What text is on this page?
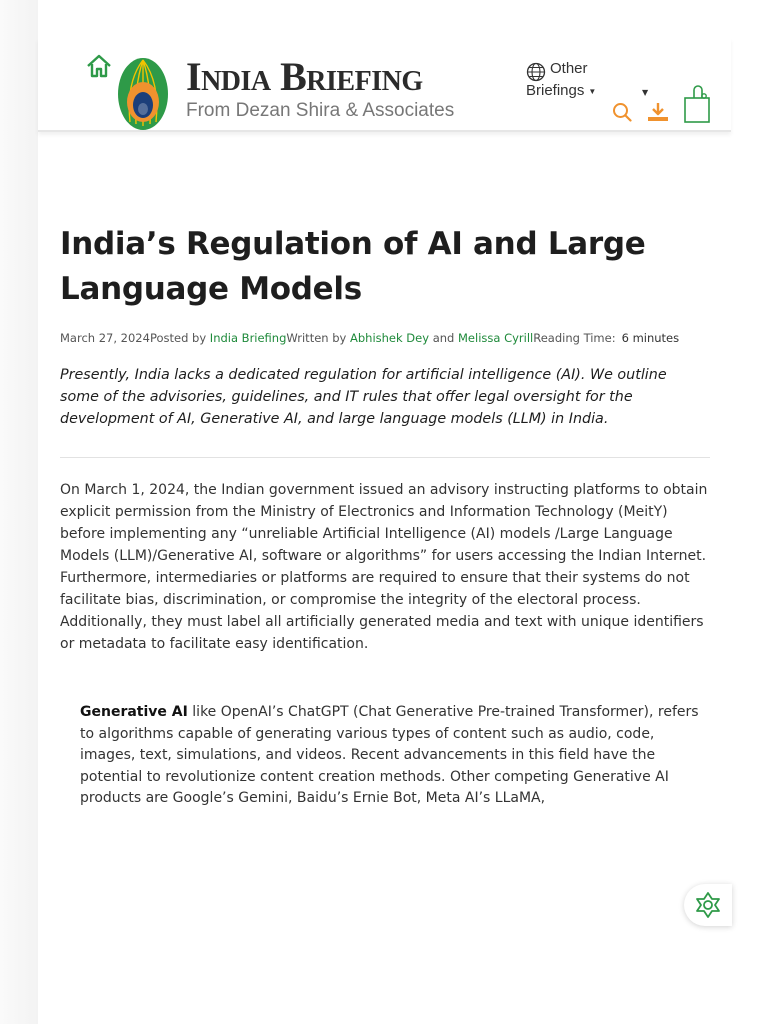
India Briefing
From Dezan Shira & Associates
Other
Briefings ▼	▼
India’s Regulation of AI and Large Language Models
March 27, 2024Posted by India BriefingWritten by Abhishek Dey and Melissa CyrillReading Time: 6 minutes

Presently, India lacks a dedicated regulation for artificial intelligence (AI). We outline some of the advisories, guidelines, and IT rules that offer legal oversight for the development of AI, Generative AI, and large language models (LLM) in India.

On March 1, 2024, the Indian government issued an advisory instructing platforms to obtain explicit permission from the Ministry of Electronics and Information Technology (MeitY) before implementing any “unreliable Artificial Intelligence (AI) models /Large Language Models (LLM)/Generative AI, software or algorithms” for users accessing the Indian Internet. Furthermore, intermediaries or platforms are required to ensure that their systems do not facilitate bias, discrimination, or compromise the integrity of the electoral process. Additionally, they must label all artificially generated media and text with unique identifiers or metadata to facilitate easy identification.

Generative AI like OpenAI’s ChatGPT (Chat Generative Pre-trained Transformer), refers to algorithms capable of generating various types of content such as audio, code, images, text, simulations, and videos. Recent advancements in this field have the potential to revolutionize content creation methods. Other competing Generative AI products are Google’s Gemini, Baidu’s Ernie Bot, Meta AI’s LLaMA,
